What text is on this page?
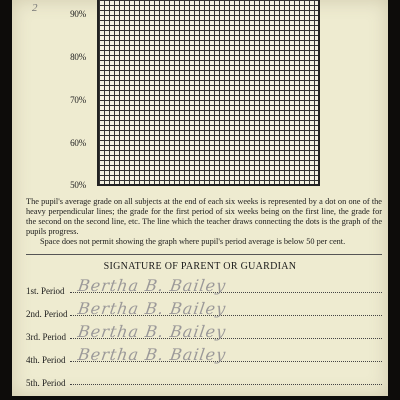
2	90%
80%
70%
60%
50%

The pupil's average grade on all subjects at the end of each six weeks is represented by a dot on one of the heavy perpendicular lines; the grade for the first period of six weeks being on the first line, the grade for the second on the second line, etc. The line which the teacher draws connecting the dots is the graph of the pupils progress.

Space does not permit showing the graph where pupil's period average is below 50 per cent.

SIGNATURE OF PARENT OR GUARDIAN
1st. Period Bertha B. Bailey
2nd. Period Bertha B. Bailey
3rd. Period Bertha B. Bailey
4th. Period Bertha B. Bailey
5th. Period
